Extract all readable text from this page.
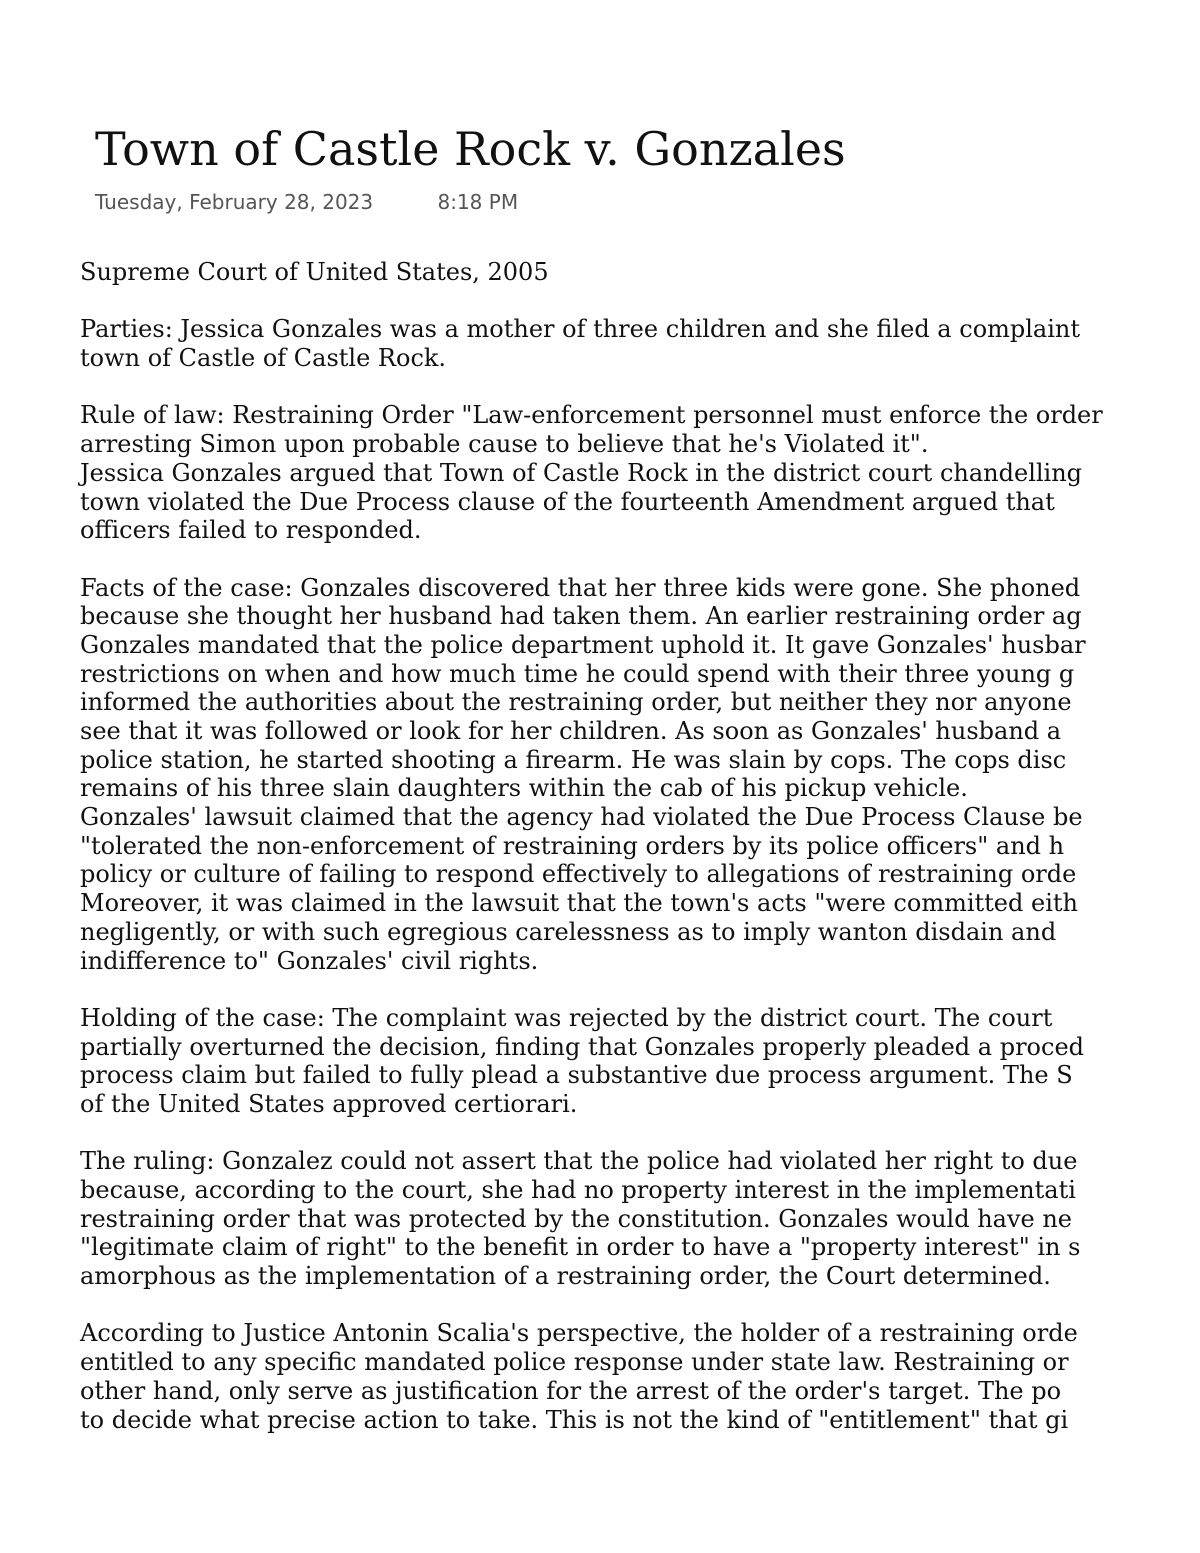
Town of Castle Rock v. Gonzales
Tuesday, February 28, 2023	8:18 PM
Supreme Court of United States, 2005
Parties: Jessica Gonzales was a mother of three children and she filed a complaint
town of Castle of Castle Rock.
Rule of law: Restraining Order "Law-enforcement personnel must enforce the order
arresting Simon upon probable cause to believe that he's Violated it".
Jessica Gonzales argued that Town of Castle Rock in the district court chandelling
town violated the Due Process clause of the fourteenth Amendment argued that
officers failed to responded.
Facts of the case: Gonzales discovered that her three kids were gone. She phoned
because she thought her husband had taken them. An earlier restraining order ag
Gonzales mandated that the police department uphold it. It gave Gonzales' husbar
restrictions on when and how much time he could spend with their three young g
informed the authorities about the restraining order, but neither they nor anyone
see that it was followed or look for her children. As soon as Gonzales' husband a
police station, he started shooting a firearm. He was slain by cops. The cops disc
remains of his three slain daughters within the cab of his pickup vehicle.
Gonzales' lawsuit claimed that the agency had violated the Due Process Clause be
"tolerated the non-enforcement of restraining orders by its police officers" and h
policy or culture of failing to respond effectively to allegations of restraining orde
Moreover, it was claimed in the lawsuit that the town's acts "were committed eith
negligently, or with such egregious carelessness as to imply wanton disdain and
indifference to" Gonzales' civil rights.
Holding of the case: The complaint was rejected by the district court. The court
partially overturned the decision, finding that Gonzales properly pleaded a proced
process claim but failed to fully plead a substantive due process argument. The S
of the United States approved certiorari.
The ruling: Gonzalez could not assert that the police had violated her right to due
because, according to the court, she had no property interest in the implementati
restraining order that was protected by the constitution. Gonzales would have ne
"legitimate claim of right" to the benefit in order to have a "property interest" in s
amorphous as the implementation of a restraining order, the Court determined.
According to Justice Antonin Scalia's perspective, the holder of a restraining orde
entitled to any specific mandated police response under state law. Restraining or
other hand, only serve as justification for the arrest of the order's target. The po
to decide what precise action to take. This is not the kind of "entitlement" that gi
